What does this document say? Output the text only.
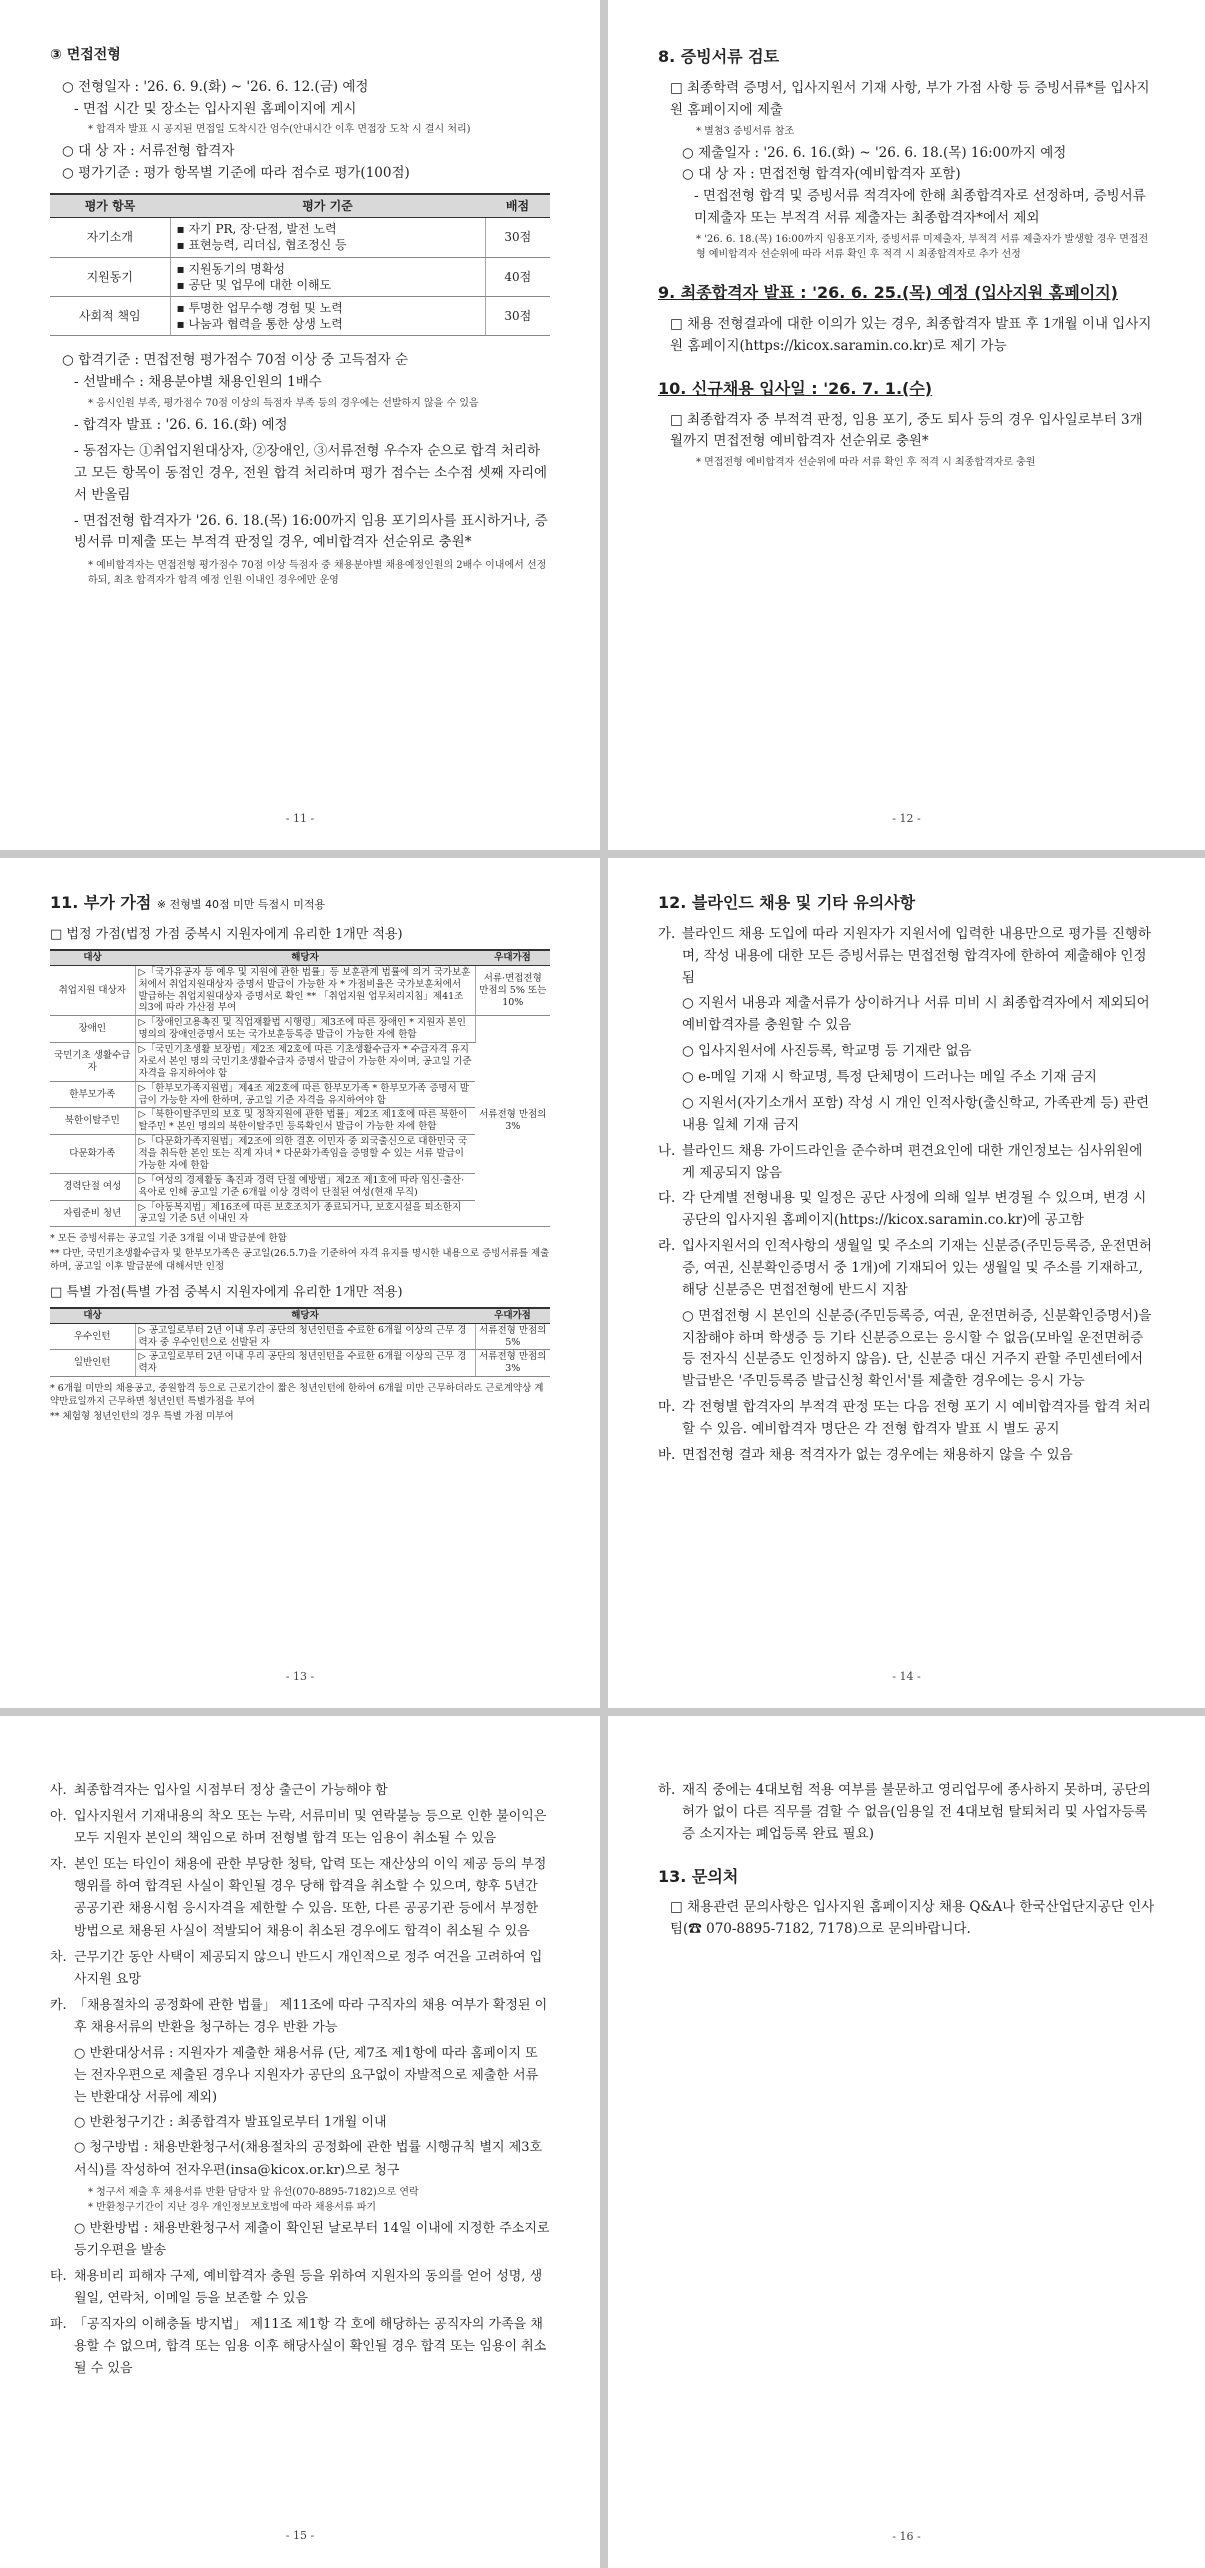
③ 면접전형
○ 전형일자 : '26. 6. 9.(화) ~ '26. 6. 12.(금) 예정
- 면접 시간 및 장소는 입사지원 홈페이지에 게시
* 합격자 발표 시 공지된 면접일 도착시간 엄수(안내시간 이후 면접장 도착 시 결시 처리)
○ 대 상 자 : 서류전형 합격자
○ 평가기준 : 평가 항목별 기준에 따라 점수로 평가(100점)
평가 항목	평가 기준	배점
자기소개	▪ 자기 PR, 장·단점, 발전 노력
▪ 표현능력, 리더십, 협조정신 등	30점
지원동기	▪ 지원동기의 명확성
▪ 공단 및 업무에 대한 이해도	40점
사회적 책임	▪ 투명한 업무수행 경험 및 노력
▪ 나눔과 협력을 통한 상생 노력	30점
○ 합격기준 : 면접전형 평가점수 70점 이상 중 고득점자 순
- 선발배수 : 채용분야별 채용인원의 1배수
* 응시인원 부족, 평가점수 70점 이상의 득점자 부족 등의 경우에는 선발하지 않을 수 있음
- 합격자 발표 : '26. 6. 16.(화) 예정
- 동점자는 ①취업지원대상자, ②장애인, ③서류전형 우수자 순으로 합격 처리하고 모든 항목이 동점인 경우, 전원 합격 처리하며 평가 점수는 소수점 셋째 자리에서 반올림
- 면접전형 합격자가 '26. 6. 18.(목) 16:00까지 임용 포기의사를 표시하거나, 증빙서류 미제출 또는 부적격 판정일 경우, 예비합격자 선순위로 충원*
* 예비합격자는 면접전형 평가점수 70점 이상 득점자 중 채용분야별 채용예정인원의 2배수 이내에서 선정하되, 최초 합격자가 합격 예정 인원 이내인 경우에만 운영
- 11 -
8. 증빙서류 검토
□ 최종학력 증명서, 입사지원서 기재 사항, 부가 가점 사항 등 증빙서류*를 입사지원 홈페이지에 제출
* 별첨3 증빙서류 참조
○ 제출일자 : '26. 6. 16.(화) ~ '26. 6. 18.(목) 16:00까지 예정
○ 대 상 자 : 면접전형 합격자(예비합격자 포함)
- 면접전형 합격 및 증빙서류 적격자에 한해 최종합격자로 선정하며, 증빙서류 미제출자 또는 부적격 서류 제출자는 최종합격자*에서 제외
* '26. 6. 18.(목) 16:00까지 임용포기자, 증빙서류 미제출자, 부적격 서류 제출자가 발생할 경우 면접전형 예비합격자 선순위에 따라 서류 확인 후 적격 시 최종합격자로 추가 선정
9. 최종합격자 발표 : '26. 6. 25.(목) 예정 (입사지원 홈페이지)
□ 채용 전형결과에 대한 이의가 있는 경우, 최종합격자 발표 후 1개월 이내 입사지원 홈페이지(https://kicox.saramin.co.kr)로 제기 가능
10. 신규채용 입사일 : '26. 7. 1.(수)
□ 최종합격자 중 부적격 판정, 임용 포기, 중도 퇴사 등의 경우 입사일로부터 3개월까지 면접전형 예비합격자 선순위로 충원*
* 면접전형 예비합격자 선순위에 따라 서류 확인 후 적격 시 최종합격자로 충원
- 12 -
11. 부가 가점 ※ 전형별 40점 미만 득점시 미적용
□ 법정 가점(법정 가점 중복시 지원자에게 유리한 1개만 적용)
대상	해당자	우대가점
취업지원 대상자	▷「국가유공자 등 예우 및 지원에 관한 법률」등 보훈관계 법률에 의거 국가보훈처에서 취업지원대상자 증명서 발급이 가능한 자 * 가점비율은 국가보훈처에서 발급하는 취업지원대상자 증명서로 확인 ** 「취업지원 업무처리지침」제41조의3에 따라 가산점 부여	서류·면접전형 만점의 5% 또는 10%
장애인	▷「장애인고용촉진 및 직업재활법 시행령」제3조에 따른 장애인 * 지원자 본인 명의의 장애인증명서 또는 국가보훈등록증 발급이 가능한 자에 한함	서류전형 만점의 3%
국민기초 생활수급자	▷「국민기초생활 보장법」제2조 제2호에 따른 기초생활수급자 * 수급자격 유지자로서 본인 명의 국민기초생활수급자 증명서 발급이 가능한 자이며, 공고일 기준 자격을 유지하여야 함	
한부모가족	▷「한부모가족지원법」제4조 제2호에 따른 한부모가족 * 한부모가족 증명서 발급이 가능한 자에 한하며, 공고일 기준 자격을 유지하여야 함	
북한이탈주민	▷「북한이탈주민의 보호 및 정착지원에 관한 법률」제2조 제1호에 따른 북한이탈주민 * 본인 명의의 북한이탈주민 등록확인서 발급이 가능한 자에 한함	
다문화가족	▷「다문화가족지원법」제2조에 의한 결혼 이민자 중 외국출신으로 대한민국 국적을 취득한 본인 또는 직계 자녀 * 다문화가족임을 증명할 수 있는 서류 발급이 가능한 자에 한함	
경력단절 여성	▷「여성의 경제활동 촉진과 경력 단절 예방법」제2조 제1호에 따라 임신·출산·육아로 인해 공고일 기준 6개월 이상 경력이 단절된 여성(현재 무직)	
자립준비 청년	▷「아동복지법」제16조에 따른 보호조치가 종료되거나, 보호시설을 퇴소한지 공고일 기준 5년 이내인 자	
* 모든 증빙서류는 공고일 기준 3개월 이내 발급분에 한함
** 다만, 국민기초생활수급자 및 한부모가족은 공고일(26.5.7)을 기준하여 자격 유지를 명시한 내용으로 증빙서류를 제출하며, 공고일 이후 발급분에 대해서만 인정
□ 특별 가점(특별 가점 중복시 지원자에게 유리한 1개만 적용)
대상	해당자	우대가점
우수인턴	▷ 공고일로부터 2년 이내 우리 공단의 청년인턴을 수료한 6개월 이상의 근무 경력자 중 우수인턴으로 선발된 자	서류전형 만점의 5%
일반인턴	▷ 공고일로부터 2년 이내 우리 공단의 청년인턴을 수료한 6개월 이상의 근무 경력자	서류전형 만점의 3%
* 6개월 미만의 채용공고, 중원합격 등으로 근로기간이 짧은 청년인턴에 한하여 6개월 미만 근무하더라도 근로계약상 계약만료일까지 근무하면 청년인턴 특별가점을 부여
** 체험형 청년인턴의 경우 특별 가점 미부여
- 13 -
12. 블라인드 채용 및 기타 유의사항
가. 블라인드 채용 도입에 따라 지원자가 지원서에 입력한 내용만으로 평가를 진행하며, 작성 내용에 대한 모든 증빙서류는 면접전형 합격자에 한하여 제출해야 인정됨
○ 지원서 내용과 제출서류가 상이하거나 서류 미비 시 최종합격자에서 제외되어 예비합격자를 충원할 수 있음
○ 입사지원서에 사진등록, 학교명 등 기재란 없음
○ e-메일 기재 시 학교명, 특정 단체명이 드러나는 메일 주소 기재 금지
○ 지원서(자기소개서 포함) 작성 시 개인 인적사항(출신학교, 가족관계 등) 관련 내용 일체 기재 금지
나. 블라인드 채용 가이드라인을 준수하며 편견요인에 대한 개인정보는 심사위원에게 제공되지 않음
다. 각 단계별 전형내용 및 일정은 공단 사정에 의해 일부 변경될 수 있으며, 변경 시 공단의 입사지원 홈페이지(https://kicox.saramin.co.kr)에 공고함
라. 입사지원서의 인적사항의 생월일 및 주소의 기재는 신분증(주민등록증, 운전면허증, 여권, 신분확인증명서 중 1개)에 기재되어 있는 생월일 및 주소를 기재하고, 해당 신분증은 면접전형에 반드시 지참
○ 면접전형 시 본인의 신분증(주민등록증, 여권, 운전면허증, 신분확인증명서)을 지참해야 하며 학생증 등 기타 신분증으로는 응시할 수 없음(모바일 운전면허증 등 전자식 신분증도 인정하지 않음). 단, 신분증 대신 거주지 관할 주민센터에서 발급받은 '주민등록증 발급신청 확인서'를 제출한 경우에는 응시 가능
마. 각 전형별 합격자의 부적격 판정 또는 다음 전형 포기 시 예비합격자를 합격 처리할 수 있음. 예비합격자 명단은 각 전형 합격자 발표 시 별도 공지
바. 면접전형 결과 채용 적격자가 없는 경우에는 채용하지 않을 수 있음
- 14 -
사. 최종합격자는 입사일 시점부터 정상 출근이 가능해야 함
아. 입사지원서 기재내용의 착오 또는 누락, 서류미비 및 연락불능 등으로 인한 불이익은 모두 지원자 본인의 책임으로 하며 전형별 합격 또는 임용이 취소될 수 있음
자. 본인 또는 타인이 채용에 관한 부당한 청탁, 압력 또는 재산상의 이익 제공 등의 부정행위를 하여 합격된 사실이 확인될 경우 당해 합격을 취소할 수 있으며, 향후 5년간 공공기관 채용시험 응시자격을 제한할 수 있음. 또한, 다른 공공기관 등에서 부정한 방법으로 채용된 사실이 적발되어 채용이 취소된 경우에도 합격이 취소될 수 있음
차. 근무기간 동안 사택이 제공되지 않으니 반드시 개인적으로 정주 여건을 고려하여 입사지원 요망
카. 「채용절차의 공정화에 관한 법률」 제11조에 따라 구직자의 채용 여부가 확정된 이후 채용서류의 반환을 청구하는 경우 반환 가능
○ 반환대상서류 : 지원자가 제출한 채용서류 (단, 제7조 제1항에 따라 홈페이지 또는 전자우편으로 제출된 경우나 지원자가 공단의 요구없이 자발적으로 제출한 서류는 반환대상 서류에 제외)
○ 반환청구기간 : 최종합격자 발표일로부터 1개월 이내
○ 청구방법 : 채용반환청구서(채용절차의 공정화에 관한 법률 시행규칙 별지 제3호 서식)를 작성하여 전자우편(insa@kicox.or.kr)으로 청구
* 청구서 제출 후 채용서류 반환 담당자 앞 유선(070-8895-7182)으로 연락
* 반환청구기간이 지난 경우 개인정보보호법에 따라 채용서류 파기
○ 반환방법 : 채용반환청구서 제출이 확인된 날로부터 14일 이내에 지정한 주소지로 등기우편을 발송
타. 채용비리 피해자 구제, 예비합격자 충원 등을 위하여 지원자의 동의를 얻어 성명, 생월일, 연락처, 이메일 등을 보존할 수 있음
파. 「공직자의 이해충돌 방지법」 제11조 제1항 각 호에 해당하는 공직자의 가족을 채용할 수 없으며, 합격 또는 임용 이후 해당사실이 확인될 경우 합격 또는 임용이 취소될 수 있음
- 15 -
하. 재직 중에는 4대보험 적용 여부를 불문하고 영리업무에 종사하지 못하며, 공단의 허가 없이 다른 직무를 겸할 수 없음(임용일 전 4대보험 탈퇴처리 및 사업자등록증 소지자는 폐업등록 완료 필요)
13. 문의처
□ 채용관련 문의사항은 입사지원 홈페이지상 채용 Q&A나 한국산업단지공단 인사팀(☎ 070-8895-7182, 7178)으로 문의바랍니다.
- 16 -
